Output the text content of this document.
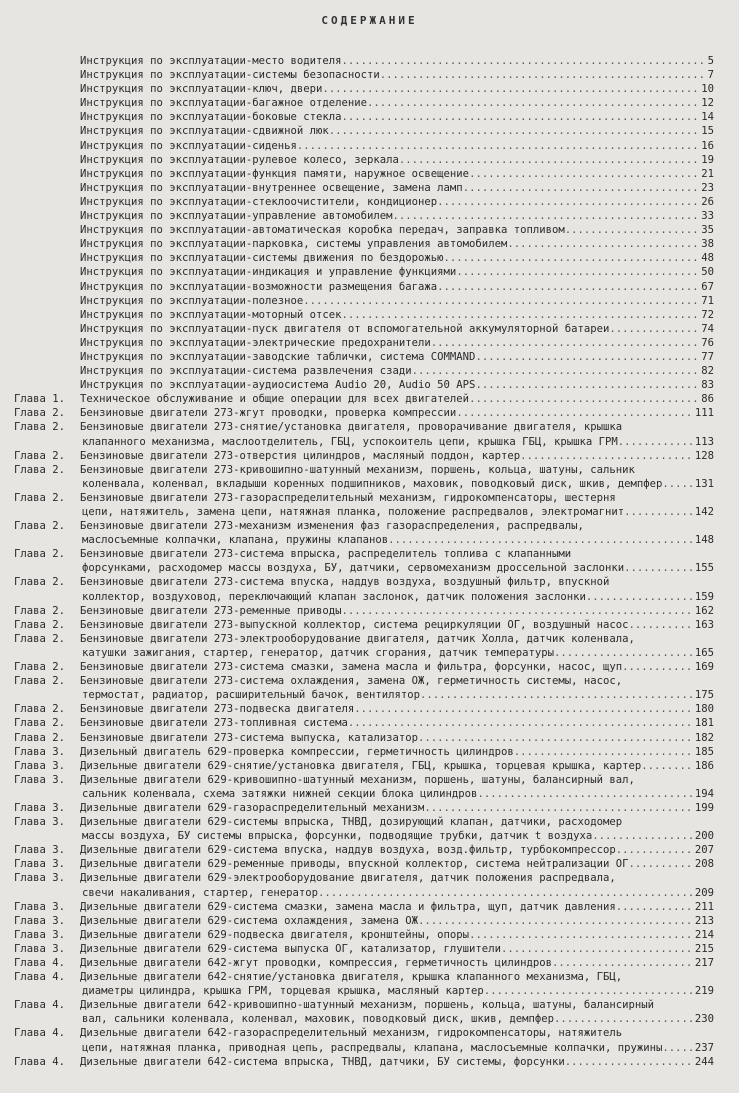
СОДЕРЖАНИЕ
Инструкция по эксплуатации-место водителя .....	5
Инструкция по эксплуатации-системы безопасности .....	7
Инструкция по эксплуатации-ключ, двери .....	10
Инструкция по эксплуатации-багажное отделение .....	12
Инструкция по эксплуатации-боковые стекла .....	14
Инструкция по эксплуатации-сдвижной люк .....	15
Инструкция по эксплуатации-сиденья .....	16
Инструкция по эксплуатации-рулевое колесо, зеркала .....	19
Инструкция по эксплуатации-функция памяти, наружное освещение .....	21
Инструкция по эксплуатации-внутреннее освещение, замена ламп .....	23
Инструкция по эксплуатации-стеклоочистители, кондиционер .....	26
Инструкция по эксплуатации-управление автомобилем .....	33
Инструкция по эксплуатации-автоматическая коробка передач, заправка топливом .....	35
Инструкция по эксплуатации-парковка, системы управления автомобилем .....	38
Инструкция по эксплуатации-системы движения по бездорожью .....	48
Инструкция по эксплуатации-индикация и управление функциями .....	50
Инструкция по эксплуатации-возможности размещения багажа .....	67
Инструкция по эксплуатации-полезное .....	71
Инструкция по эксплуатации-моторный отсек .....	72
Инструкция по эксплуатации-пуск двигателя от вспомогательной аккумуляторной батареи .....	74
Инструкция по эксплуатации-электрические предохранители .....	76
Инструкция по эксплуатации-заводские таблички, система COMMAND .....	77
Инструкция по эксплуатации-система развлечения сзади .....	82
Инструкция по эксплуатации-аудиосистема Audio 20, Audio 50 APS .....	83
Глава 1.	Техническое обслуживание и общие операции для всех двигателей .....	86
Глава 2.	Бензиновые двигатели 273-жгут проводки, проверка компрессии .....	111
Глава 2.	Бензиновые двигатели 273-снятие/установка двигателя, проворачивание двигателя, крышка
клапанного механизма, маслоотделитель, ГБЦ, успокоитель цепи, крышка ГБЦ, крышка ГРМ .....	113
Глава 2.	Бензиновые двигатели 273-отверстия цилиндров, масляный поддон, картер .....	128
Глава 2.	Бензиновые двигатели 273-кривошипно-шатунный механизм, поршень, кольца, шатуны, сальник
коленвала, коленвал, вкладыши коренных подшипников, маховик, поводковый диск, шкив, демпфер .....	131
Глава 2.	Бензиновые двигатели 273-газораспределительный механизм, гидрокомпенсаторы, шестерня
цепи, натяжитель, замена цепи, натяжная планка, положение распредвалов, электромагнит .....	142
Глава 2.	Бензиновые двигатели 273-механизм изменения фаз газораспределения, распредвалы,
маслосъемные колпачки, клапана, пружины клапанов .....	148
Глава 2.	Бензиновые двигатели 273-система впрыска, распределитель топлива с клапанными
форсунками, расходомер массы воздуха, БУ, датчики, сервомеханизм дроссельной заслонки .....	155
Глава 2.	Бензиновые двигатели 273-система впуска, наддув воздуха, воздушный фильтр, впускной
коллектор, воздуховод, переключающий клапан заслонок, датчик положения заслонки .....	159
Глава 2.	Бензиновые двигатели 273-ременные приводы .....	162
Глава 2.	Бензиновые двигатели 273-выпускной коллектор, система рециркуляции ОГ, воздушный насос .....	163
Глава 2.	Бензиновые двигатели 273-электрооборудование двигателя, датчик Холла, датчик коленвала,
катушки зажигания, стартер, генератор, датчик сгорания, датчик температуры .....	165
Глава 2.	Бензиновые двигатели 273-система смазки, замена масла и фильтра, форсунки, насос, щуп .....	169
Глава 2.	Бензиновые двигатели 273-система охлаждения, замена ОЖ, герметичность системы, насос,
термостат, радиатор, расширительный бачок, вентилятор .....	175
Глава 2.	Бензиновые двигатели 273-подвеска двигателя .....	180
Глава 2.	Бензиновые двигатели 273-топливная система .....	181
Глава 2.	Бензиновые двигатели 273-система выпуска, катализатор .....	182
Глава 3.	Дизельный двигатель 629-проверка компрессии, герметичность цилиндров .....	185
Глава 3.	Дизельные двигатели 629-снятие/установка двигателя, ГБЦ, крышка, торцевая крышка, картер .....	186
Глава 3.	Дизельные двигатели 629-кривошипно-шатунный механизм, поршень, шатуны, балансирный вал,
сальник коленвала, схема затяжки нижней секции блока цилиндров .....	194
Глава 3.	Дизельные двигатели 629-газораспределительный механизм .....	199
Глава 3.	Дизельные двигатели 629-системы впрыска, ТНВД, дозирующий клапан, датчики, расходомер
массы воздуха, БУ системы впрыска, форсунки, подводящие трубки, датчик t воздуха .....	200
Глава 3.	Дизельные двигатели 629-система впуска, наддув воздуха, возд.фильтр, турбокомпрессор .....	207
Глава 3.	Дизельные двигатели 629-ременные приводы, впускной коллектор, система нейтрализации ОГ .....	208
Глава 3.	Дизельные двигатели 629-электрооборудование двигателя, датчик положения распредвала,
свечи накаливания, стартер, генератор .....	209
Глава 3.	Дизельные двигатели 629-система смазки, замена масла и фильтра, щуп, датчик давления .....	211
Глава 3.	Дизельные двигатели 629-система охлаждения, замена ОЖ .....	213
Глава 3.	Дизельные двигатели 629-подвеска двигателя, кронштейны, опоры .....	214
Глава 3.	Дизельные двигатели 629-система выпуска ОГ, катализатор, глушители .....	215
Глава 4.	Дизельные двигатели 642-жгут проводки, компрессия, герметичность цилиндров .....	217
Глава 4.	Дизельные двигатели 642-снятие/установка двигателя, крышка клапанного механизма, ГБЦ,
диаметры цилиндра, крышка ГРМ, торцевая крышка, масляный картер .....	219
Глава 4.	Дизельные двигатели 642-кривошипно-шатунный механизм, поршень, кольца, шатуны, балансирный
вал, сальники коленвала, коленвал, маховик, поводковый диск, шкив, демпфер .....	230
Глава 4.	Дизельные двигатели 642-газораспределительный механизм, гидрокомпенсаторы, натяжитель
цепи, натяжная планка, приводная цепь, распредвалы, клапана, маслосъемные колпачки, пружины .....	237
Глава 4.	Дизельные двигатели 642-система впрыска, ТНВД, датчики, БУ системы, форсунки .....	244
